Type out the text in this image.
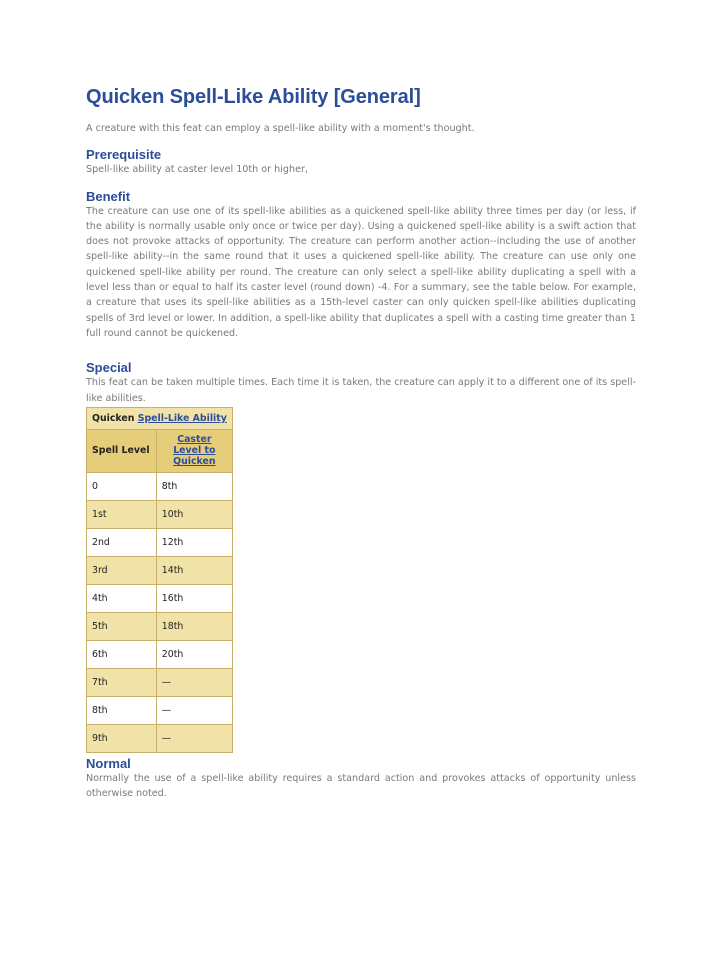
Quicken Spell-Like Ability [General]

A creature with this feat can employ a spell-like ability with a moment's thought.

Prerequisite

Spell-like ability at caster level 10th or higher,

Benefit

The creature can use one of its spell-like abilities as a quickened spell-like ability three times per day (or less, if the ability is normally usable only once or twice per day). Using a quickened spell-like ability is a swift action that does not provoke attacks of opportunity. The creature can perform another action--including the use of another spell-like ability--in the same round that it uses a quickened spell-like ability. The creature can use only one quickened spell-like ability per round. The creature can only select a spell-like ability duplicating a spell with a level less than or equal to half its caster level (round down) -4. For a summary, see the table below. For example, a creature that uses its spell-like abilities as a 15th-level caster can only quicken spell-like abilities duplicating spells of 3rd level or lower. In addition, a spell-like ability that duplicates a spell with a casting time greater than 1 full round cannot be quickened.

Special

This feat can be taken multiple times. Each time it is taken, the creature can apply it to a different one of its spell-like abilities.

Quicken Spell-Like Ability	
Spell Level	Caster Level to Quicken
0	8th
1st	10th
2nd	12th
3rd	14th
4th	16th
5th	18th
6th	20th
7th	—
8th	—
9th	—
Normal

Normally the use of a spell-like ability requires a standard action and provokes attacks of opportunity unless otherwise noted.
